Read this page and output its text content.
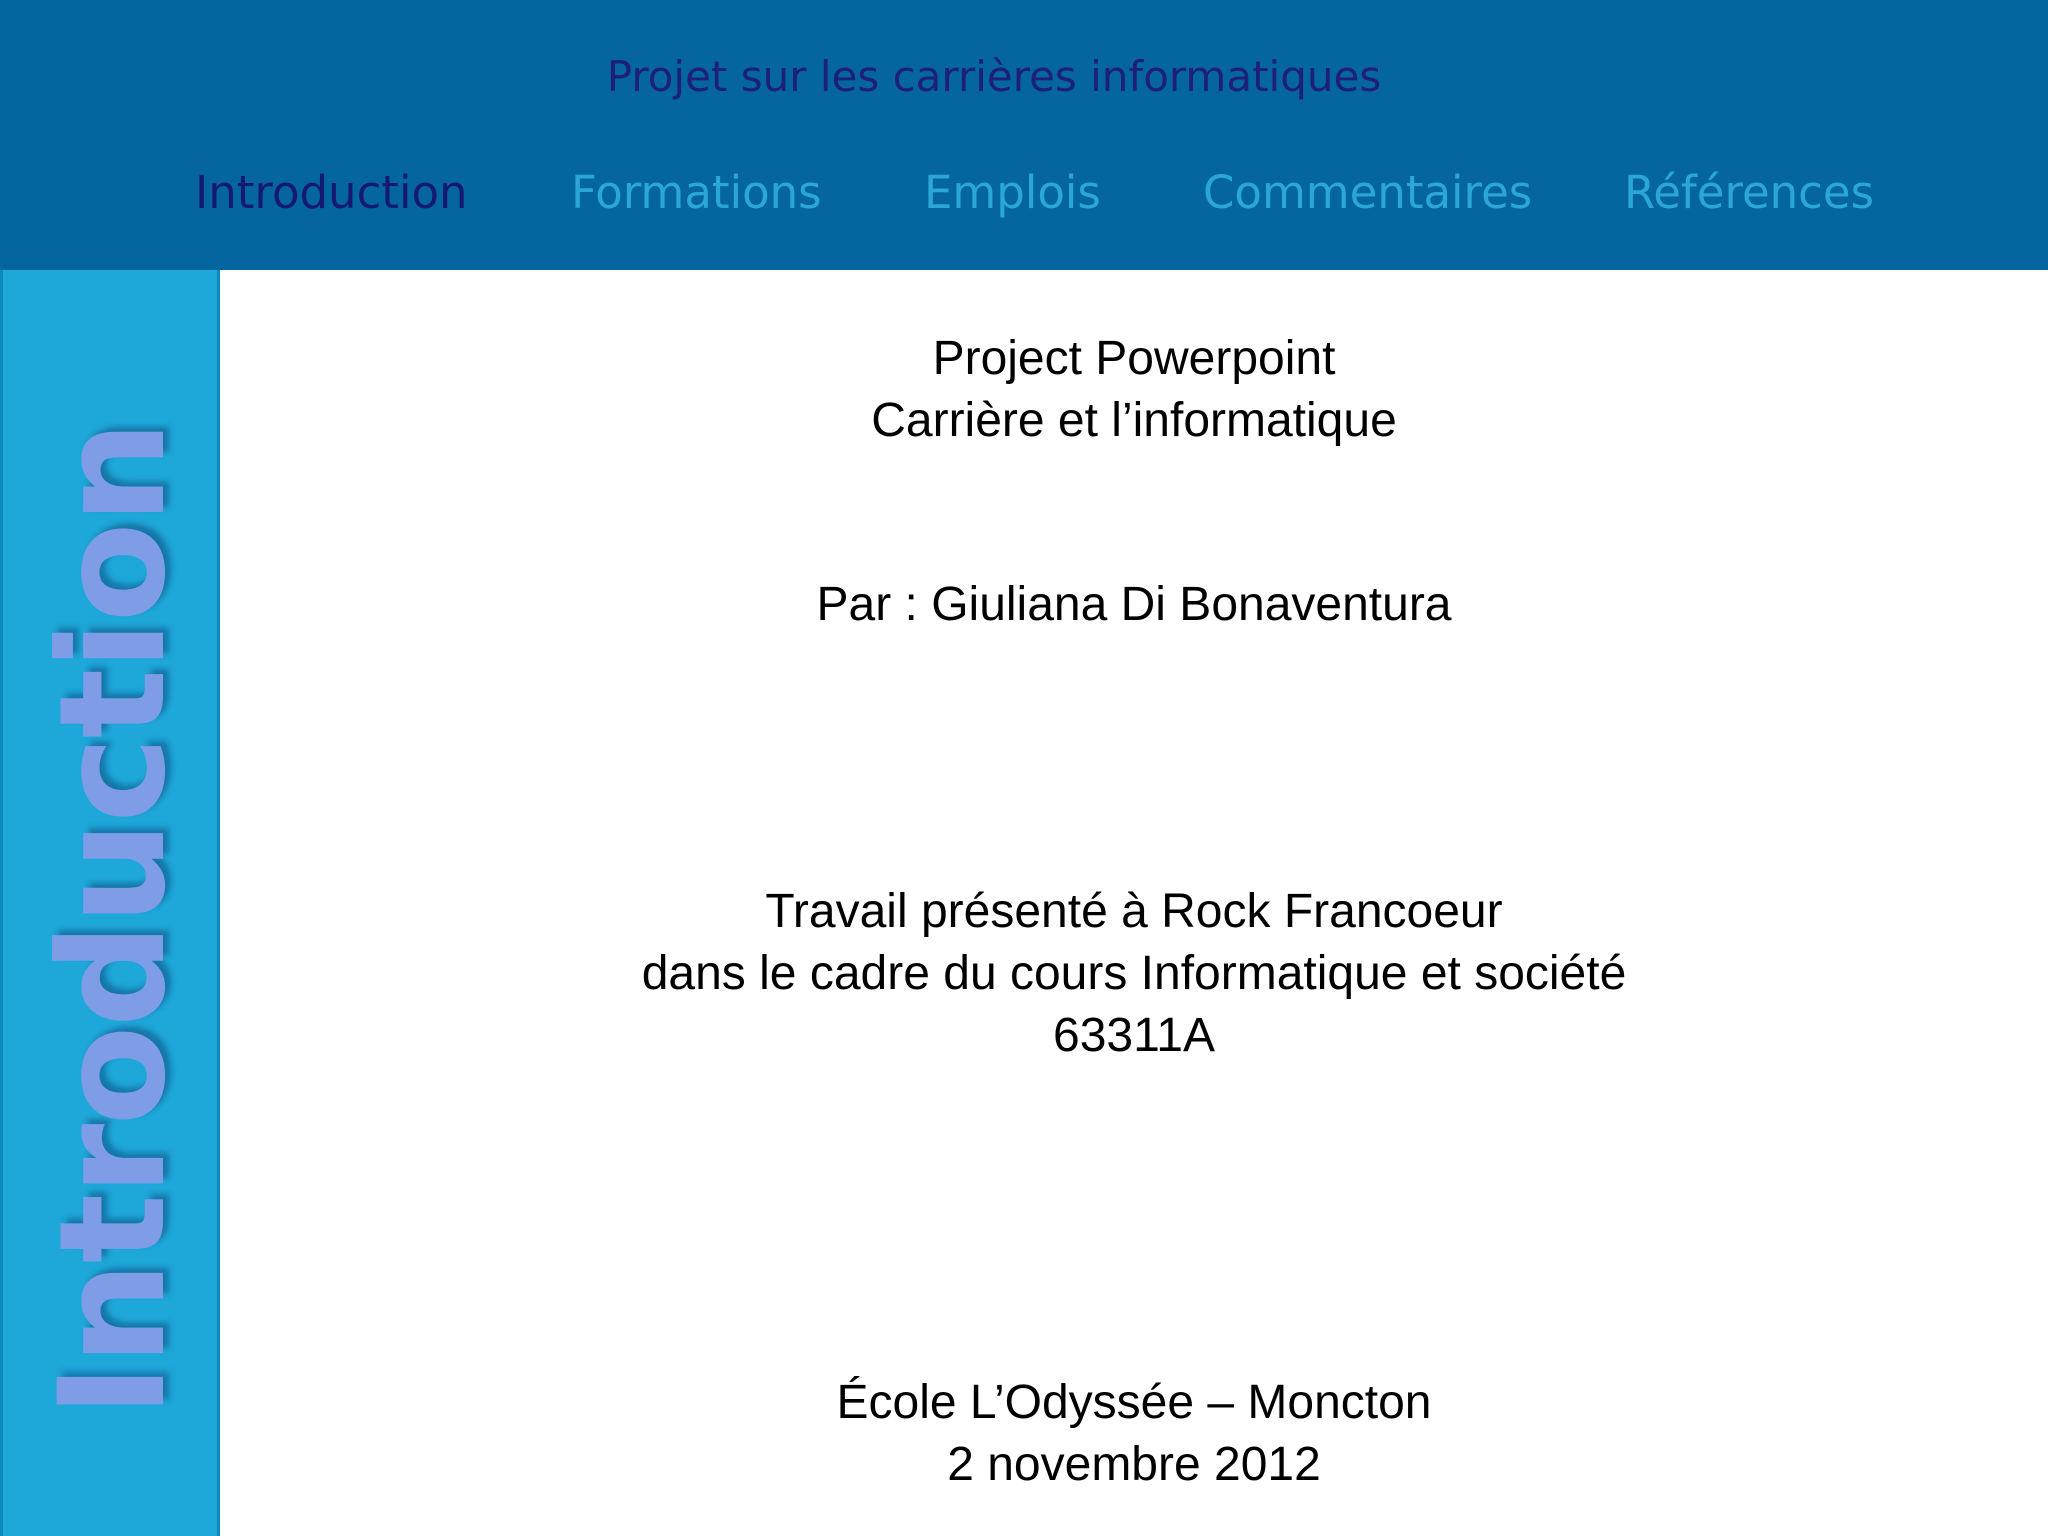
Projet sur les carrières informatiques
Introduction Formations Emplois Commentaires Références
Introduction
Project Powerpoint
Carrière et l’informatique
Par : Giuliana Di Bonaventura
Travail présenté à Rock Francoeur
dans le cadre du cours Informatique et société
63311A
École L’Odyssée – Moncton
2 novembre 2012
